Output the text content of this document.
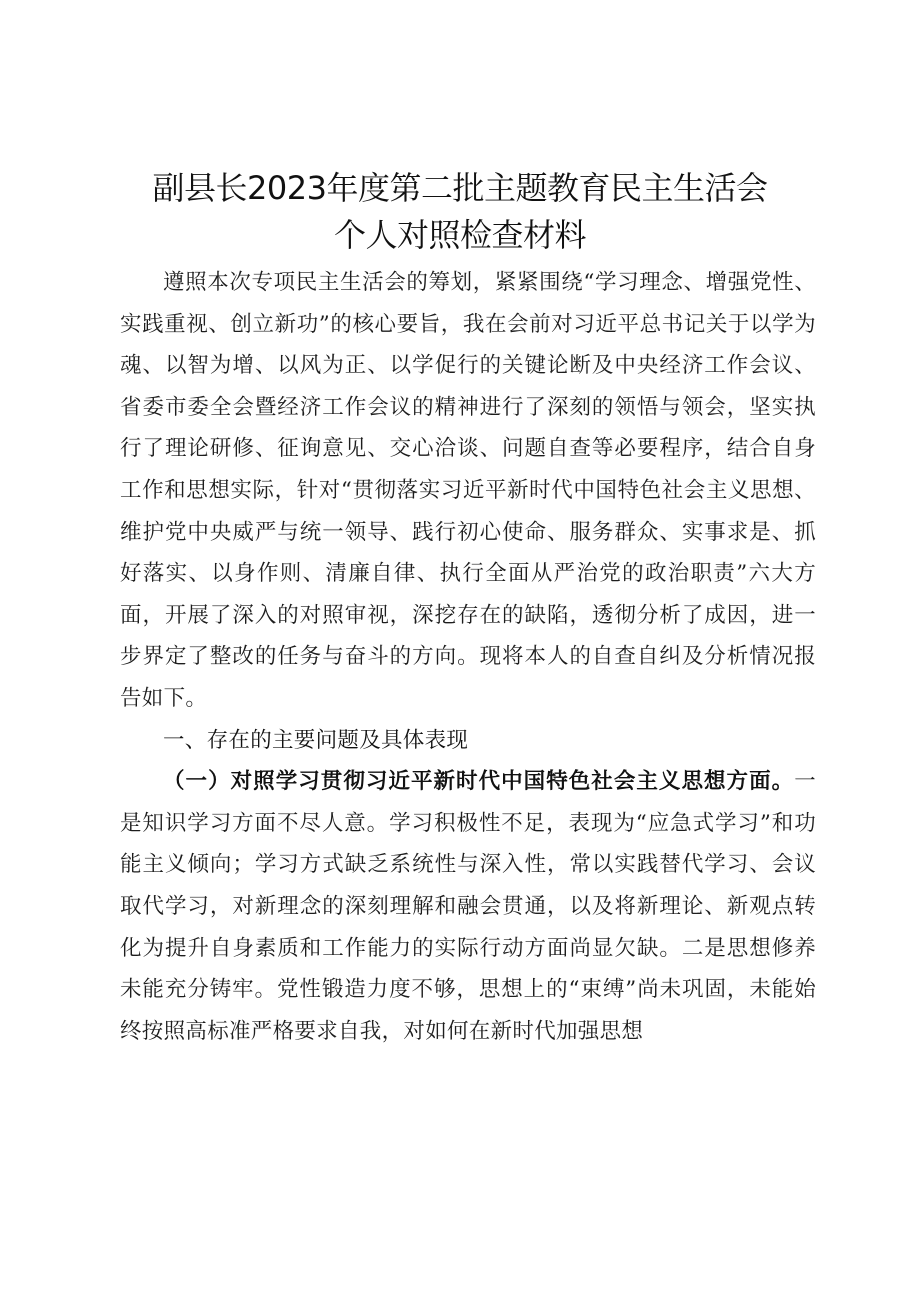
副县长2023年度第二批主题教育民主生活会
个人对照检查材料

遵照本次专项民主生活会的筹划，紧紧围绕“学习理念、增强党性、实践重视、创立新功”的核心要旨，我在会前对习近平总书记关于以学为魂、以智为增、以风为正、以学促行的关键论断及中央经济工作会议、省委市委全会暨经济工作会议的精神进行了深刻的领悟与领会，坚实执行了理论研修、征询意见、交心洽谈、问题自查等必要程序，结合自身工作和思想实际，针对“贯彻落实习近平新时代中国特色社会主义思想、维护党中央威严与统一领导、践行初心使命、服务群众、实事求是、抓好落实、以身作则、清廉自律、执行全面从严治党的政治职责”六大方面，开展了深入的对照审视，深挖存在的缺陷，透彻分析了成因，进一步界定了整改的任务与奋斗的方向。现将本人的自查自纠及分析情况报告如下。

一、存在的主要问题及具体表现

（一）对照学习贯彻习近平新时代中国特色社会主义思想方面。一是知识学习方面不尽人意。学习积极性不足，表现为“应急式学习”和功能主义倾向；学习方式缺乏系统性与深入性，常以实践替代学习、会议取代学习，对新理念的深刻理解和融会贯通，以及将新理论、新观点转化为提升自身素质和工作能力的实际行动方面尚显欠缺。二是思想修养未能充分铸牢。党性锻造力度不够，思想上的“束缚”尚未巩固，未能始终按照高标准严格要求自我，对如何在新时代加强思想
